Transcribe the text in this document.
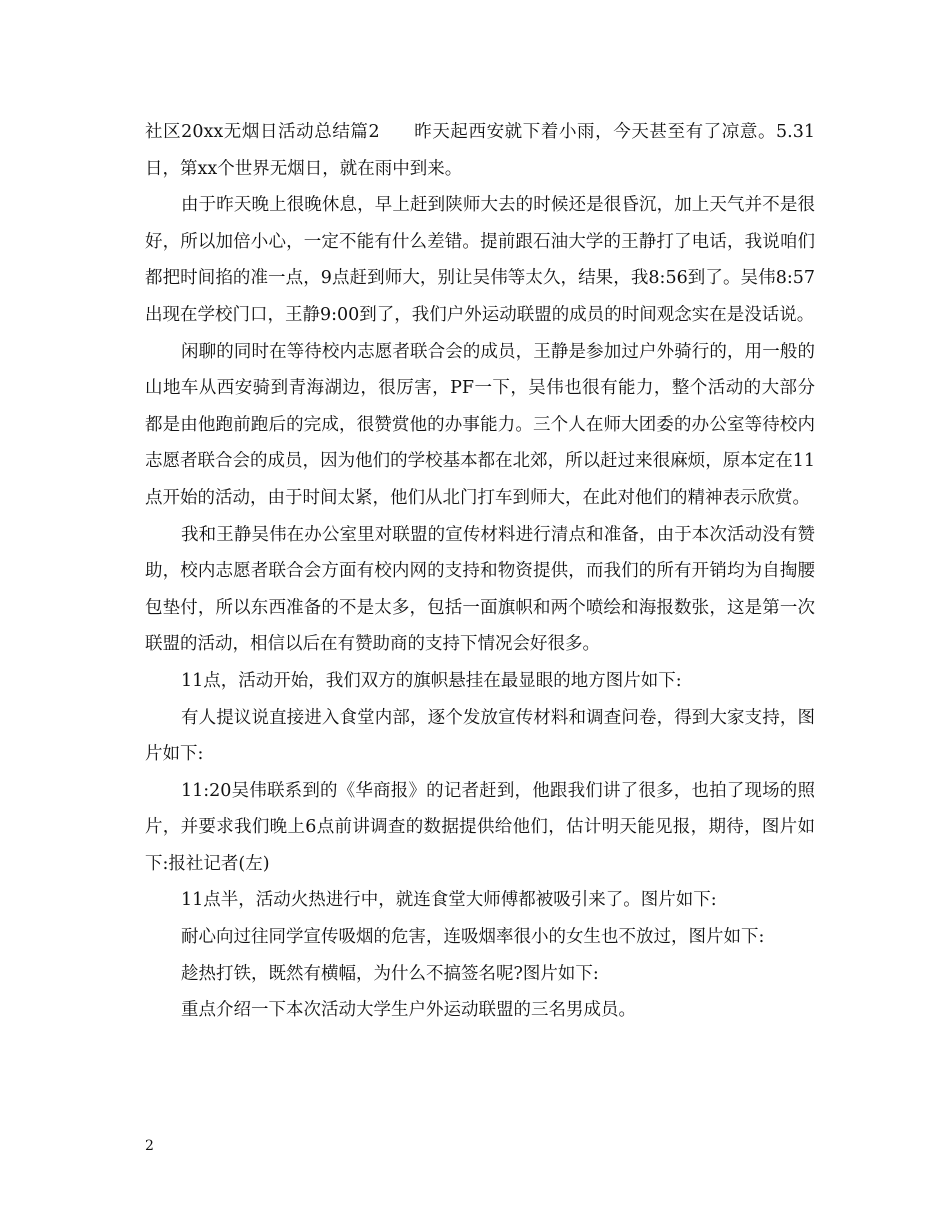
社区20xx无烟日活动总结篇2 昨天起西安就下着小雨，今天甚至有了凉意。5.31日，第xx个世界无烟日，就在雨中到来。

由于昨天晚上很晚休息，早上赶到陕师大去的时候还是很昏沉，加上天气并不是很好，所以加倍小心，一定不能有什么差错。提前跟石油大学的王静打了电话，我说咱们都把时间掐的准一点，9点赶到师大，别让吴伟等太久，结果，我8:56到了。吴伟8:57出现在学校门口，王静9:00到了，我们户外运动联盟的成员的时间观念实在是没话说。

闲聊的同时在等待校内志愿者联合会的成员，王静是参加过户外骑行的，用一般的山地车从西安骑到青海湖边，很厉害，PF一下，吴伟也很有能力，整个活动的大部分都是由他跑前跑后的完成，很赞赏他的办事能力。三个人在师大团委的办公室等待校内志愿者联合会的成员，因为他们的学校基本都在北郊，所以赶过来很麻烦，原本定在11点开始的活动，由于时间太紧，他们从北门打车到师大，在此对他们的精神表示欣赏。

我和王静吴伟在办公室里对联盟的宣传材料进行清点和准备，由于本次活动没有赞助，校内志愿者联合会方面有校内网的支持和物资提供，而我们的所有开销均为自掏腰包垫付，所以东西准备的不是太多，包括一面旗帜和两个喷绘和海报数张，这是第一次联盟的活动，相信以后在有赞助商的支持下情况会好很多。

11点，活动开始，我们双方的旗帜悬挂在最显眼的地方图片如下:

有人提议说直接进入食堂内部，逐个发放宣传材料和调查问卷，得到大家支持，图片如下:

11:20吴伟联系到的《华商报》的记者赶到，他跟我们讲了很多，也拍了现场的照片，并要求我们晚上6点前讲调查的数据提供给他们，估计明天能见报，期待，图片如下:报社记者(左)

11点半，活动火热进行中，就连食堂大师傅都被吸引来了。图片如下:

耐心向过往同学宣传吸烟的危害，连吸烟率很小的女生也不放过，图片如下:

趁热打铁，既然有横幅，为什么不搞签名呢?图片如下:

重点介绍一下本次活动大学生户外运动联盟的三名男成员。

2
